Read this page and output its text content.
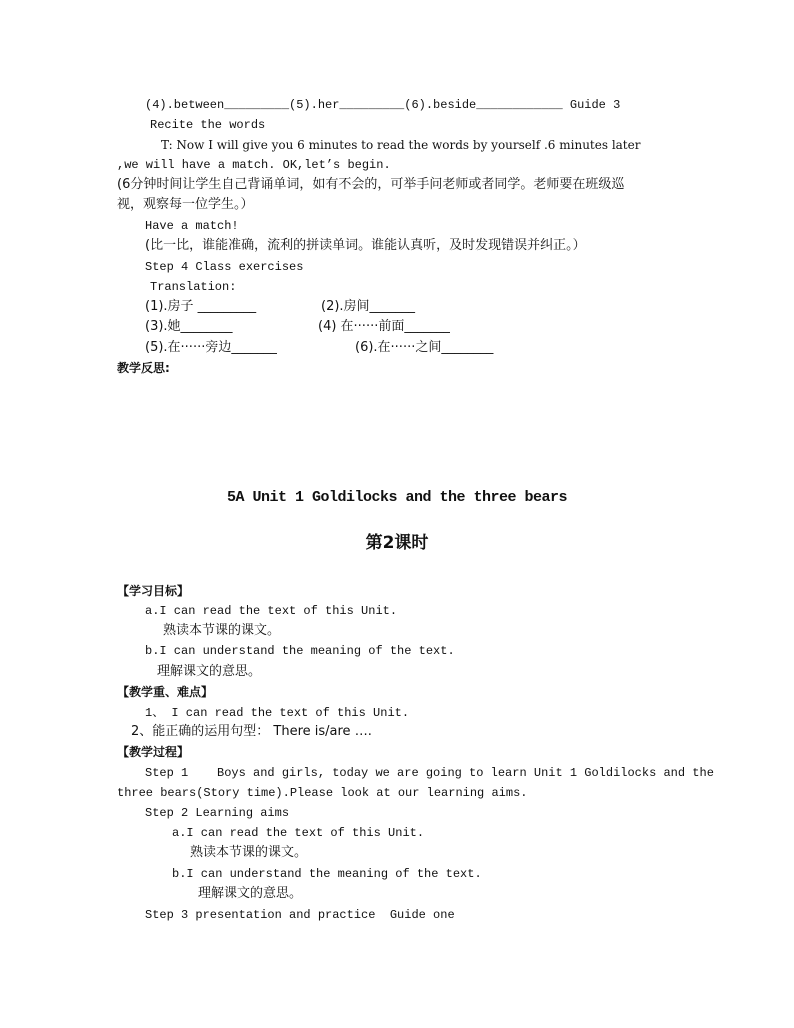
(4).between_________(5).her_________(6).beside____________ Guide 3
Recite the words
T: Now I will give you 6 minutes to read the words by yourself .6 minutes later
,we will have a match. OK,let’s begin.
(6分钟时间让学生自己背诵单词，如有不会的，可举手问老师或者同学。老师要在班级巡
视，观察每一位学生。）
Have a match!
(比一比，谁能准确，流利的拼读单词。谁能认真听，及时发现错误并纠正。）
Step 4 Class exercises
Translation:
(1).房子 _________	(2).房间_______
(3).她________	(4) 在······前面_______
(5).在······旁边_______	(6).在······之间________
教学反思:
5A Unit 1 Goldilocks and the three bears
第2课时
【学习目标】
a.I can read the text of this Unit.
熟读本节课的课文。
b.I can understand the meaning of the text.
理解课文的意思。
【教学重、难点】
1、 I can read the text of this Unit.
2、能正确的运用句型： There is/are ….
【教学过程】
Step 1    Boys and girls, today we are going to learn Unit 1 Goldilocks and the
three bears(Story time).Please look at our learning aims.
Step 2 Learning aims
a.I can read the text of this Unit.
熟读本节课的课文。
b.I can understand the meaning of the text.
理解课文的意思。
Step 3 presentation and practice  Guide one
